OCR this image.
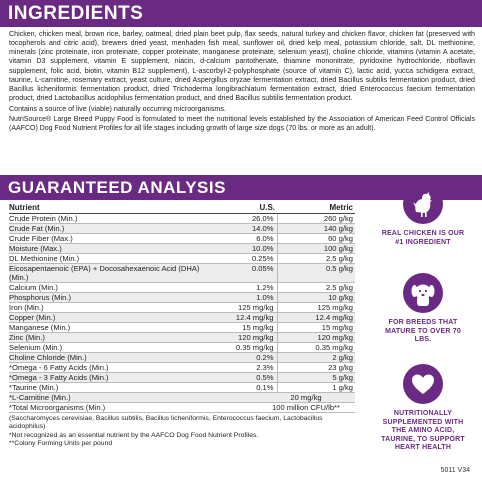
INGREDIENTS

Chicken, chicken meal, brown rice, barley, oatmeal, dried plain beet pulp, flax seeds, natural turkey and chicken flavor, chicken fat (preserved with tocopherols and citric acid), brewers dried yeast, menhaden fish meal, sunflower oil, dried kelp meal, potassium chloride, salt, DL methionine, minerals (zinc proteinate, iron proteinate, copper proteinate, manganese proteinate, selenium yeast), choline chloride, vitamins (vitamin A acetate, vitamin D3 supplement, vitamin E supplement, niacin, d-calcium pantothenate, thiamine mononitrate, pyridoxine hydrochloride, riboflavin supplement, folic acid, biotin, vitamin B12 supplement), L-ascorbyl-2-polyphosphate (source of vitamin C), lactic acid, yucca schidigera extract, taurine, L-carnitine, rosemary extract, yeast culture, dried Aspergillus oryzae fermentation extract, dried Bacillus subtilis fermentation product, dried Bacillus licheniformis fermentation product, dried Trichoderma longibrachiatum fermentation extract, dried Enterococcus faecium fermentation product, dried Lactobacillus acidophilus fermentation product, and dried Bacillus subtilis fermentation product.

GUARANTEED ANALYSIS
Nutrient	U.S.	Metric
Crude Protein (Min.)	26.0%	260 g/kg
Crude Fat (Min.)	14.0%	140 g/kg
Crude Fiber (Max.)	6.0%	60 g/kg
Moisture (Max.)	10.0%	100 g/kg
DL Methionine (Min.)	0.25%	2.5 g/kg
Eicosapentaenoic (EPA) + Docosahexaenoic Acid (DHA) (Min.)	0.05%	0.5 g/kg
Calcium (Min.)	1.2%	2.5 g/kg
Phosphorus (Min.)	1.0%	10 g/kg
Iron (Min.)	125 mg/kg	125 mg/kg
Copper (Min.)	12.4 mg/kg	12.4 mg/kg
Manganese (Min.)	15 mg/kg	15 mg/kg
Zinc (Min.)	120 mg/kg	120 mg/kg
Selenium (Min.)	0.35 mg/kg	0.35 mg/kg
Choline Chloride (Min.)	0.2%	2 g/kg
*Omega - 6 Fatty Acids (Min.)	2.3%	23 g/kg
*Omega - 3 Fatty Acids (Min.)	0.5%	5 g/kg
*Taurine (Min.)	0.1%	1 g/kg
*L-Carnitine (Min.)	20 mg/kg	
*Total Microorganisms (Min.)	100 million CFU/lb**	

(Saccharomyces cerevisiae, Bacillus subtilis, Bacillus licheniformis, Enterococcus faecium, Lactobacillus acidophilus)

*Not recognized as an essential nutrient by the AAFCO Dog Food Nutrient Profiles.

**Colony Forming Units per pound

REAL CHICKEN IS OUR #1 INGREDIENT
FOR BREEDS THAT MATURE TO OVER 70 LBS.
NUTRITIONALLY SUPPLEMENTED WITH THE AMINO ACID, TAURINE, TO SUPPORT HEART HEALTH
5011 V34

Contains a source of live (viable) naturally occurring microorganisms.

NutriSource® Large Breed Puppy Food is formulated to meet the nutritional levels established by the Association of American Feed Control Officials (AAFCO) Dog Food Nutrient Profiles for all life stages including growth of large size dogs (70 lbs. or more as an adult).
